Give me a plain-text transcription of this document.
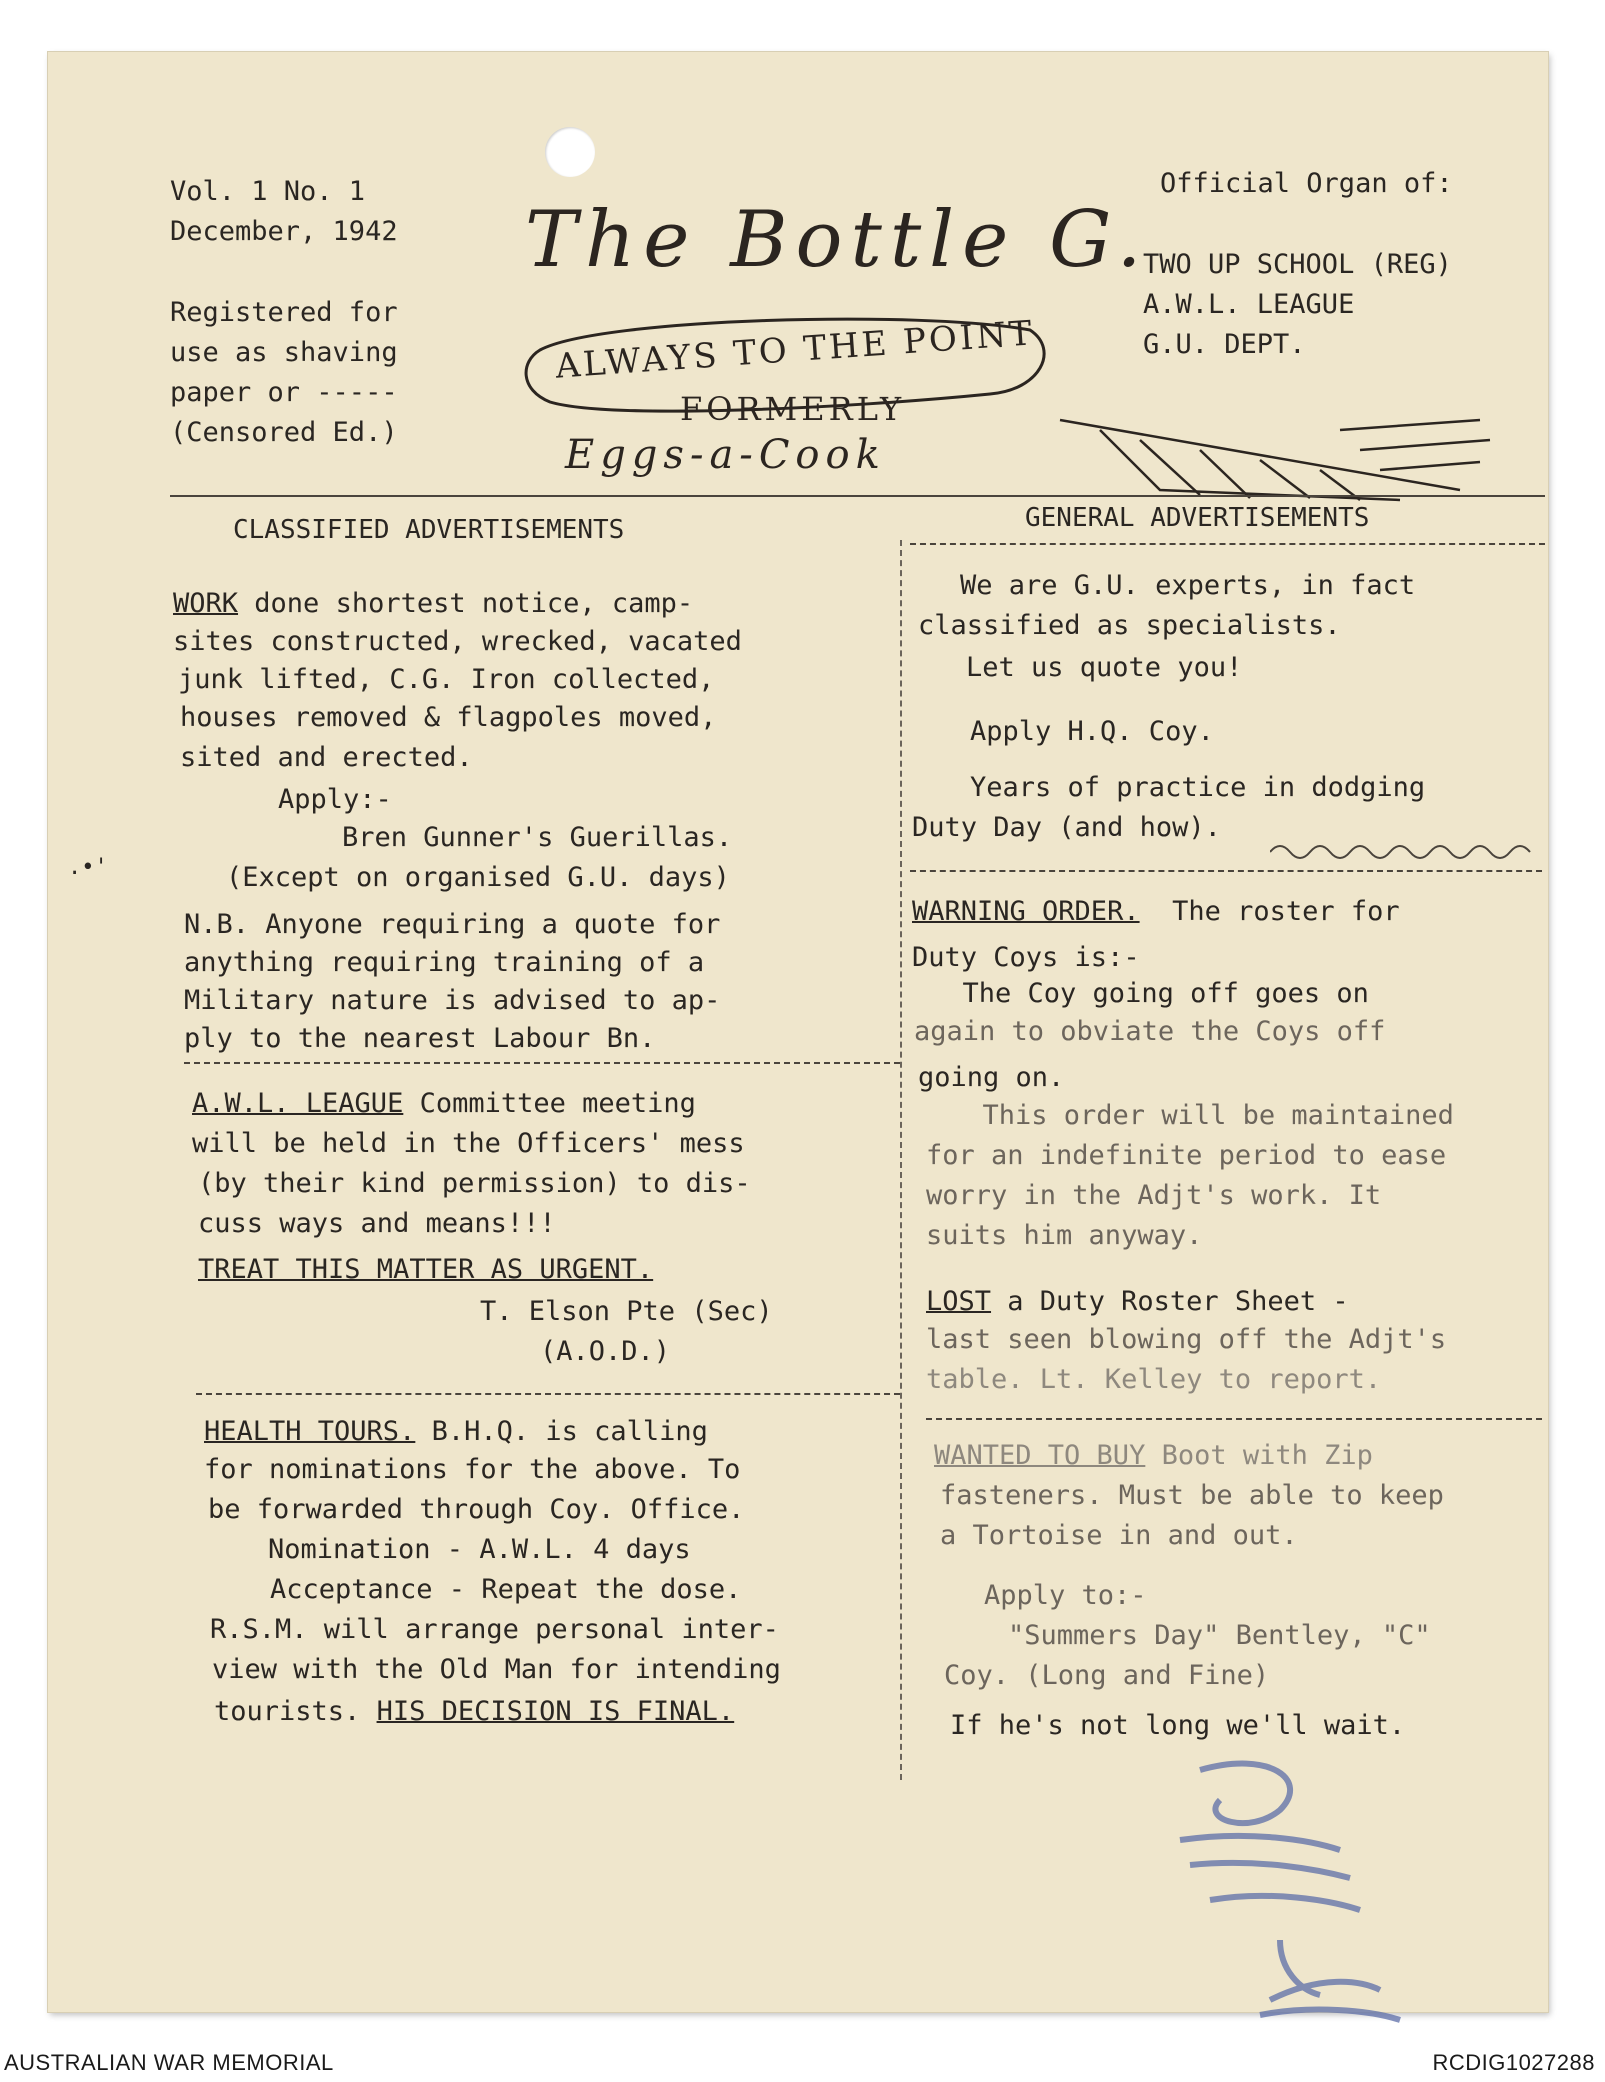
Vol. 1 No. 1
December, 1942
Registered for
use as shaving
paper or -----
(Censored Ed.)
The Bottle G.
ALWAYS TO THE POINT
FORMERLY
Eggs-a-Cook
Official Organ of:
TWO UP SCHOOL (REG)
A.W.L. LEAGUE
G.U. DEPT.
CLASSIFIED ADVERTISEMENTS	GENERAL ADVERTISEMENTS
WORK done shortest notice, camp-
sites constructed, wrecked, vacated
junk lifted, C.G. Iron collected,
houses removed & flagpoles moved,
sited and erected.
Apply:-
Bren Gunner's Guerillas.
(Except on organised G.U. days)
N.B. Anyone requiring a quote for
anything requiring training of a
Military nature is advised to ap-
ply to the nearest Labour Bn.
A.W.L. LEAGUE Committee meeting
will be held in the Officers' mess
(by their kind permission) to dis-
cuss ways and means!!!
TREAT THIS MATTER AS URGENT.
T. Elson Pte (Sec)
(A.O.D.)
HEALTH TOURS. B.H.Q. is calling
for nominations for the above. To
be forwarded through Coy. Office.
Nomination - A.W.L. 4 days
Acceptance - Repeat the dose.
R.S.M. will arrange personal inter-
view with the Old Man for intending
tourists. HIS DECISION IS FINAL.
We are G.U. experts, in fact
classified as specialists.
Let us quote you!
Apply H.Q. Coy.
Years of practice in dodging
Duty Day (and how).
WARNING ORDER.  The roster for
Duty Coys is:-
The Coy going off goes on
again to obviate the Coys off
going on.
This order will be maintained
for an indefinite period to ease
worry in the Adjt's work. It
suits him anyway.
LOST a Duty Roster Sheet -
last seen blowing off the Adjt's
table. Lt. Kelley to report.
WANTED TO BUY Boot with Zip
fasteners. Must be able to keep
a Tortoise in and out.
Apply to:-
"Summers Day" Bentley, "C"
Coy. (Long and Fine)
If he's not long we'll wait.
.•'
AUSTRALIAN WAR MEMORIAL	RCDIG1027288
